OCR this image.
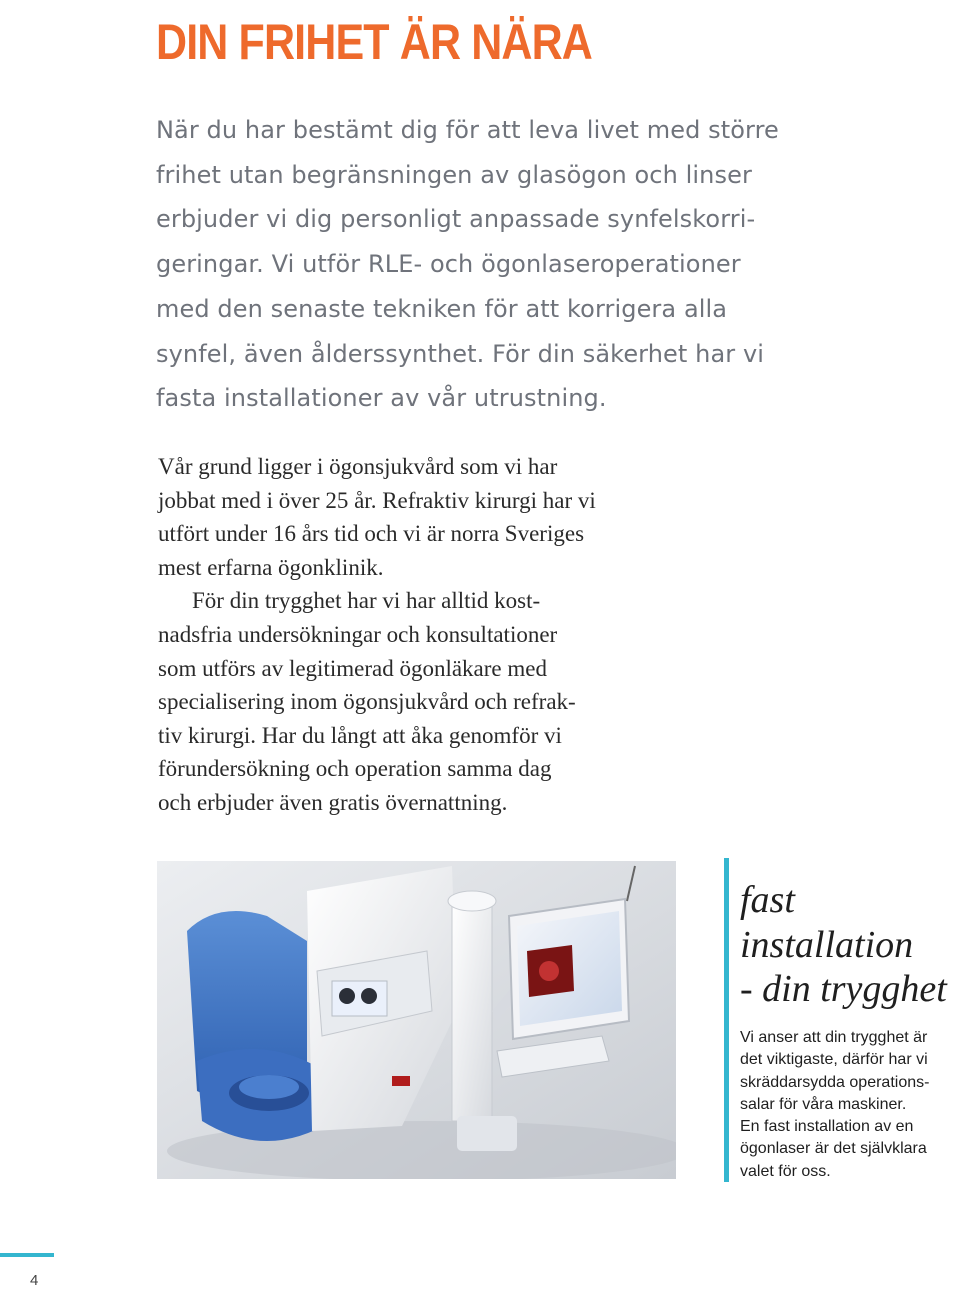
DIN FRIHET ÄR NÄRA
När du har bestämt dig för att leva livet med större
frihet utan begränsningen av glasögon och linser
erbjuder vi dig personligt anpassade synfelskorri-
geringar. Vi utför RLE- och ögonlaseroperationer
med den senaste tekniken för att korrigera alla
synfel, även ålderssynthet. För din säkerhet har vi
fasta installationer av vår utrustning.
Vår grund ligger i ögonsjukvård som vi har
jobbat med i över 25 år. Refraktiv kirurgi har vi
utfört under 16 års tid och vi är norra Sveriges
mest erfarna ögonklinik.
För din trygghet har vi har alltid kost-
nadsfria undersökningar och konsultationer
som utförs av legitimerad ögonläkare med
specialisering inom ögonsjukvård och refrak-
tiv kirurgi. Har du långt att åka genomför vi
förundersökning och operation samma dag
och erbjuder även gratis övernattning.
fast
installation
- din trygghet
Vi anser att din trygghet är
det viktigaste, därför har vi
skräddarsydda operations-
salar för våra maskiner.
En fast installation av en
ögonlaser är det självklara
valet för oss.
4
